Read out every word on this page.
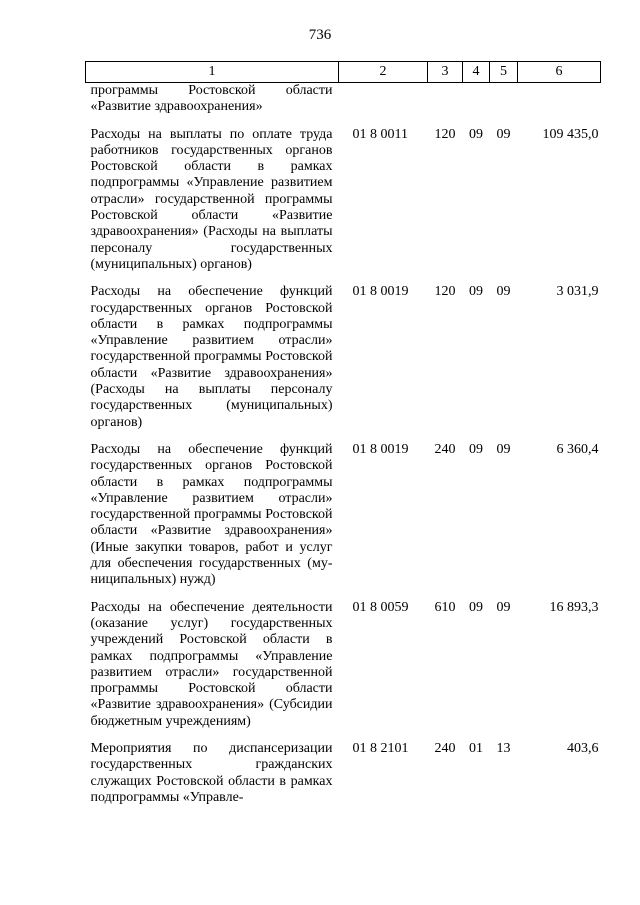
736
1	2	3	4	5	6
программы Ростовской области «Развитие здравоохранения»					

Расходы на выплаты по оплате труда работников государственных органов Ростовской области в рамках подпрограммы «Управление развитием отрасли» государственной программы Ростовской области «Развитие здравоохранения» (Расходы на выплаты персоналу государственных (муниципальных) органов)	01 8 0011	120	09	09	109 435,0

Расходы на обеспечение функций государственных органов Ростовской области в рамках подпрограммы «Управление развитием отрасли» государственной программы Ростовской области «Развитие здравоохранения» (Расходы на выплаты персоналу государственных (муниципальных) органов)	01 8 0019	120	09	09	3 031,9

Расходы на обеспечение функций государственных органов Ростовской области в рамках подпрограммы «Управление развитием отрасли» государственной программы Ростовской области «Развитие здравоохранения» (Иные закупки товаров, работ и услуг для обеспечения государственных (муниципальных) нужд)	01 8 0019	240	09	09	6 360,4

Расходы на обеспечение деятельности (оказание услуг) государственных учреждений Ростовской области в рамках подпрограммы «Управление развитием отрасли» государственной программы Ростовской области «Развитие здравоохранения» (Субсидии бюджетным учреждениям)	01 8 0059	610	09	09	16 893,3

Мероприятия по диспансеризации государственных гражданских служащих Ростовской области в рамках подпрограммы «Управле-	01 8 2101	240	01	13	403,6
